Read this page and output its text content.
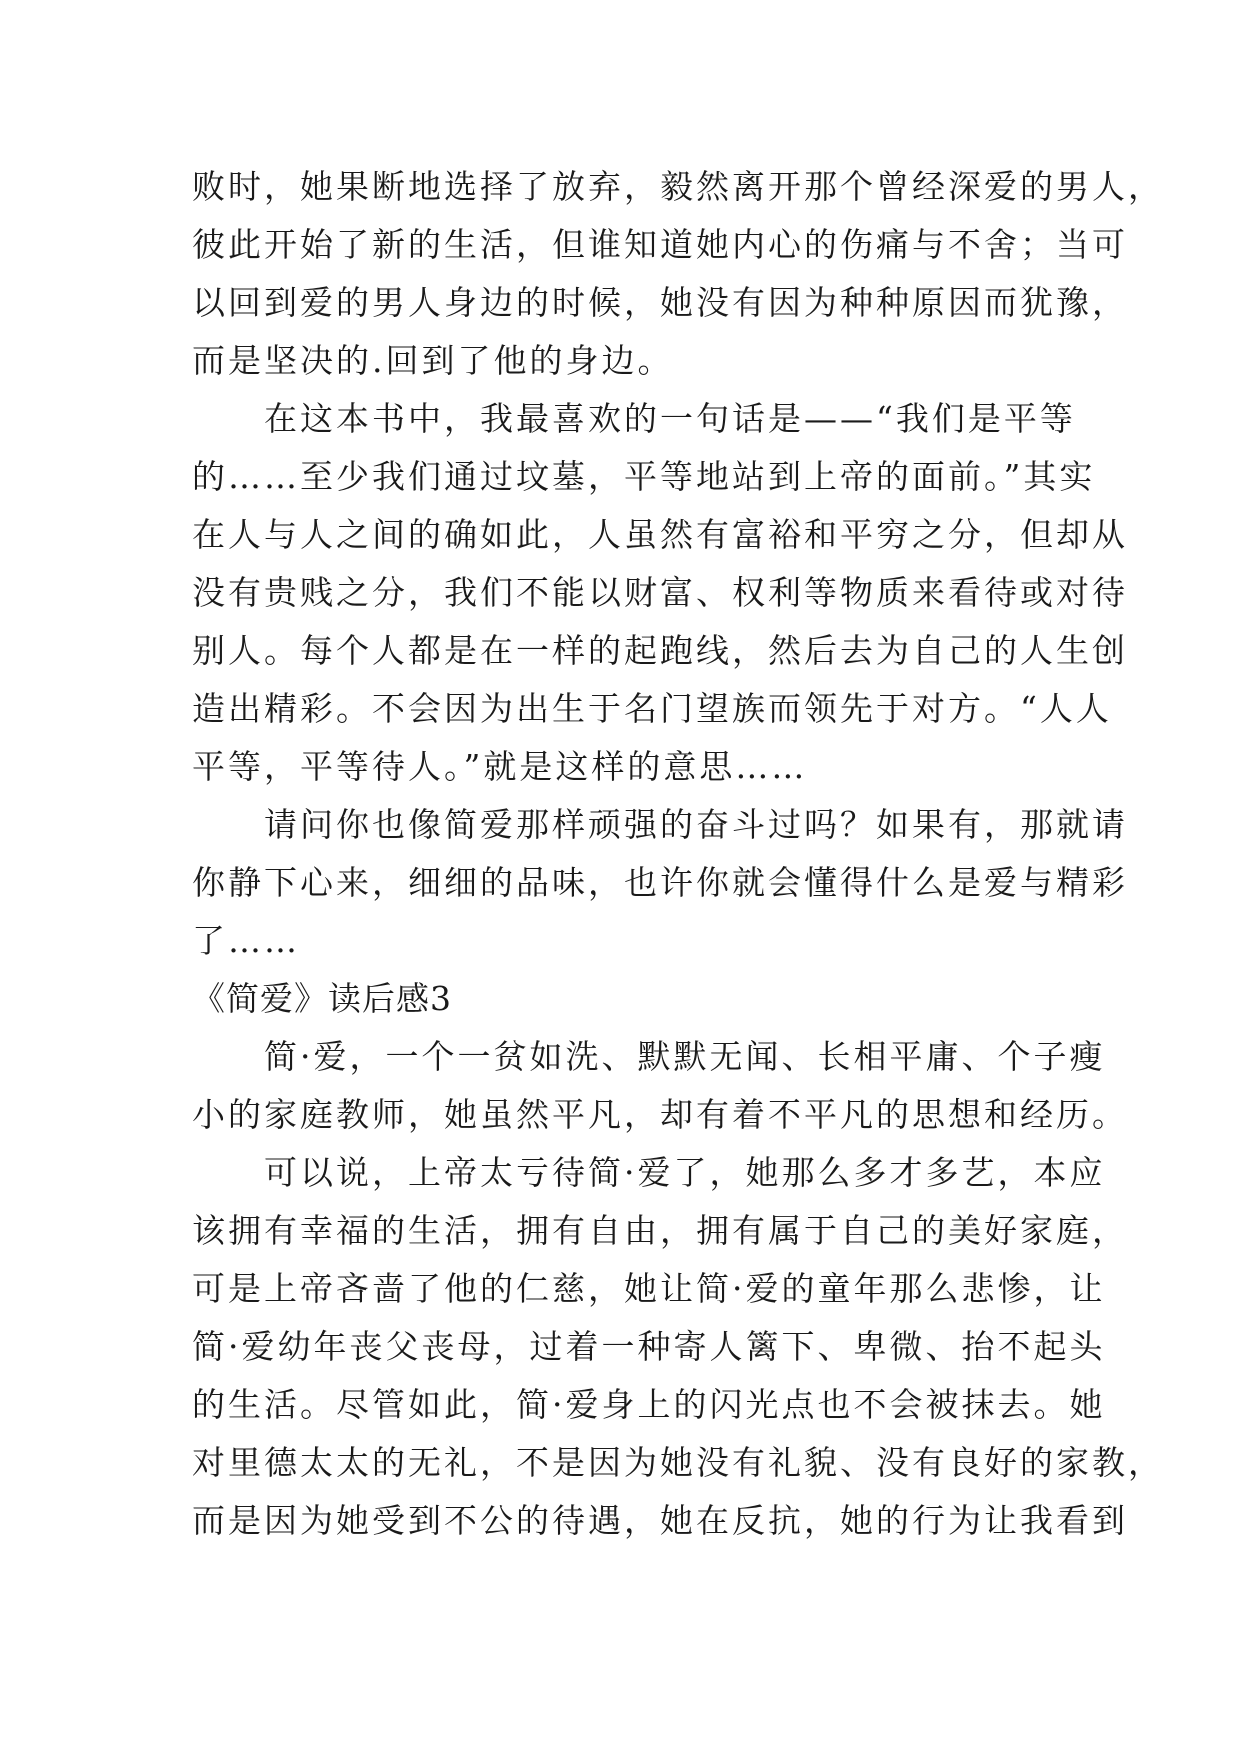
败时，她果断地选择了放弃，毅然离开那个曾经深爱的男人，
彼此开始了新的生活，但谁知道她内心的伤痛与不舍；当可
以回到爱的男人身边的时候，她没有因为种种原因而犹豫，
而是坚决的.回到了他的身边。
　　在这本书中，我最喜欢的一句话是——“我们是平等
的……至少我们通过坟墓，平等地站到上帝的面前。”其实
在人与人之间的确如此，人虽然有富裕和平穷之分，但却从
没有贵贱之分，我们不能以财富、权利等物质来看待或对待
别人。每个人都是在一样的起跑线，然后去为自己的人生创
造出精彩。不会因为出生于名门望族而领先于对方。“人人
平等，平等待人。”就是这样的意思……
　　请问你也像简爱那样顽强的奋斗过吗？如果有，那就请
你静下心来，细细的品味，也许你就会懂得什么是爱与精彩
了……
《简爱》读后感3
　　简·爱，一个一贫如洗、默默无闻、长相平庸、个子瘦
小的家庭教师，她虽然平凡，却有着不平凡的思想和经历。
　　可以说，上帝太亏待简·爱了，她那么多才多艺，本应
该拥有幸福的生活，拥有自由，拥有属于自己的美好家庭，
可是上帝吝啬了他的仁慈，她让简·爱的童年那么悲惨，让
简·爱幼年丧父丧母，过着一种寄人篱下、卑微、抬不起头
的生活。尽管如此，简·爱身上的闪光点也不会被抹去。她
对里德太太的无礼，不是因为她没有礼貌、没有良好的家教，
而是因为她受到不公的待遇，她在反抗，她的行为让我看到
